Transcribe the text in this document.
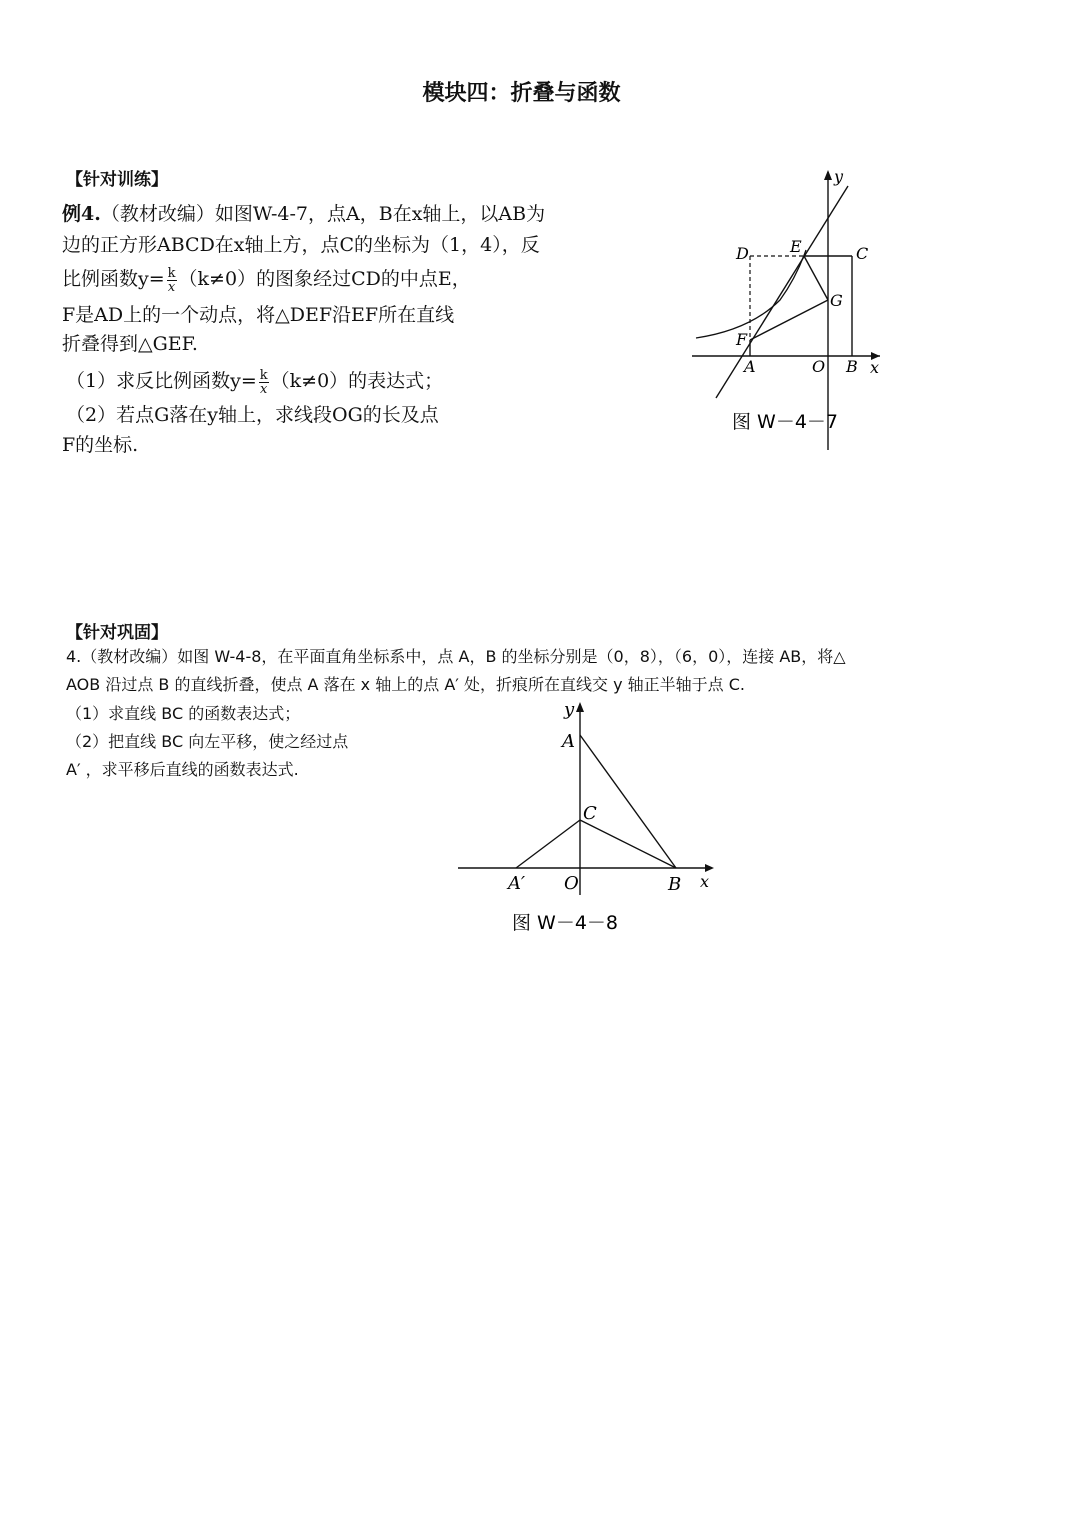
模块四：折叠与函数
【针对训练】
例4.（教材改编）如图W-4-7，点A，B在x轴上，以AB为
边的正方形ABCD在x轴上方，点C的坐标为（1，4），反
比例函数$y= \frac{k}{x} (k\ne 0)$的图象经过CD的中点E，
F是AD上的一个动点，将△DEF沿EF所在直线
折叠得到△GEF.
（1）求反比例函数$y= \frac{k}{x} (k\ne 0)$的表达式；
（2）若点G落在y轴上，求线段OG的长及点
F的坐标.
y
x
D	E	C
G
F
A	O B
图 W－4－7
【针对巩固】
4.（教材改编）如图 W-4-8，在平面直角坐标系中，点 A，B 的坐标分别是（0，8），（6，0），连接 AB，将△
AOB 沿过点 B 的直线折叠，使点 A 落在 x 轴上的点 A′ 处，折痕所在直线交 y 轴正半轴于点 C.
（1）求直线 BC 的函数表达式；
（2）把直线 BC 向左平移，使之经过点
A′ ，求平移后直线的函数表达式.
y
x
A
C
A′ O	B
图 W－4－8
